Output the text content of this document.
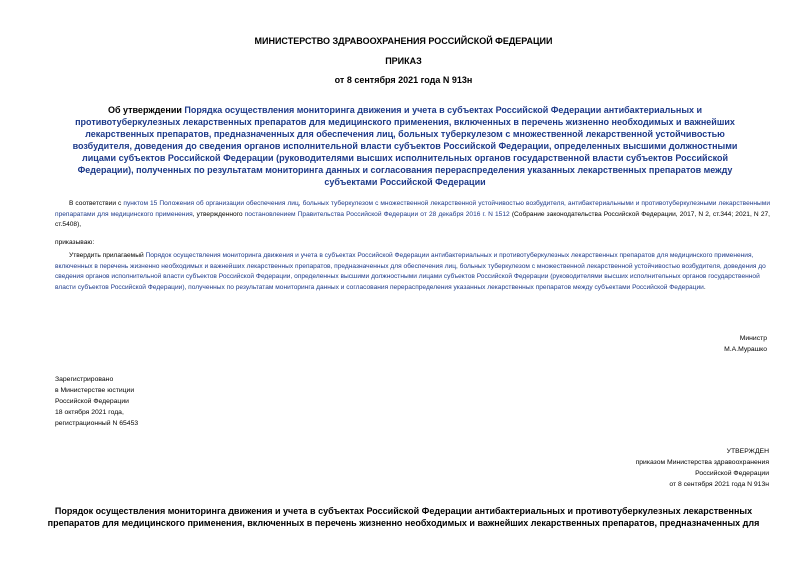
МИНИСТЕРСТВО ЗДРАВООХРАНЕНИЯ РОССИЙСКОЙ ФЕДЕРАЦИИ
ПРИКАЗ
от 8 сентября 2021 года N 913н
Об утверждении Порядка осуществления мониторинга движения и учета в субъектах Российской Федерации антибактериальных и противотуберкулезных лекарственных препаратов для медицинского применения, включенных в перечень жизненно необходимых и важнейших лекарственных препаратов, предназначенных для обеспечения лиц, больных туберкулезом с множественной лекарственной устойчивостью возбудителя, доведения до сведения органов исполнительной власти субъектов Российской Федерации, определенных высшими должностными лицами субъектов Российской Федерации (руководителями высших исполнительных органов государственной власти субъектов Российской Федерации), полученных по результатам мониторинга данных и согласования перераспределения указанных лекарственных препаратов между субъектами Российской Федерации
В соответствии с пунктом 15 Положения об организации обеспечения лиц, больных туберкулезом с множественной лекарственной устойчивостью возбудителя, антибактериальными и противотуберкулезными лекарственными препаратами для медицинского применения, утвержденного постановлением Правительства Российской Федерации от 28 декабря 2016 г. N 1512 (Собрание законодательства Российской Федерации, 2017, N 2, ст.344; 2021, N 27, ст.5408),
приказываю:
Утвердить прилагаемый Порядок осуществления мониторинга движения и учета в субъектах Российской Федерации антибактериальных и противотуберкулезных лекарственных препаратов для медицинского применения, включенных в перечень жизненно необходимых и важнейших лекарственных препаратов, предназначенных для обеспечения лиц, больных туберкулезом с множественной лекарственной устойчивостью возбудителя, доведения до сведения органов исполнительной власти субъектов Российской Федерации, определенных высшими должностными лицами субъектов Российской Федерации (руководителями высших исполнительных органов государственной власти субъектов Российской Федерации), полученных по результатам мониторинга данных и согласования перераспределения указанных лекарственных препаратов между субъектами Российской Федерации.
Министр
М.А.Мурашко
Зарегистрировано
в Министерстве юстиции
Российской Федерации
18 октября 2021 года,
регистрационный N 65453
УТВЕРЖДЕН
приказом Министерства здравоохранения
Российской Федерации
от 8 сентября 2021 года N 913н
Порядок осуществления мониторинга движения и учета в субъектах Российской Федерации антибактериальных и противотуберкулезных лекарственных препаратов для медицинского применения, включенных в перечень жизненно необходимых и важнейших лекарственных препаратов, предназначенных для
